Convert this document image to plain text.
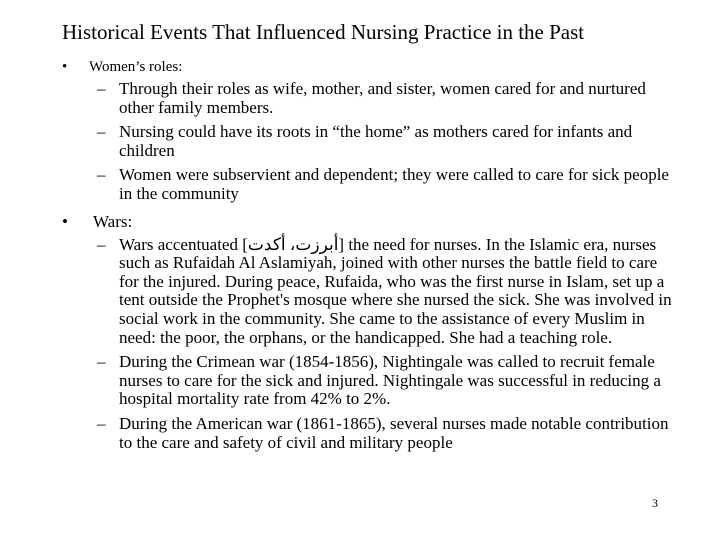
Historical Events That Influenced Nursing Practice in the Past
• Women’s roles:
– Through their roles as wife, mother, and sister, women cared for and nurtured other family members.
– Nursing could have its roots in “the home” as mothers cared for infants and children
– Women were subservient and dependent; they were called to care for sick people in the community
• Wars:
– Wars accentuated [أبرزت، أكدت] the need for nurses. In the Islamic era, nurses such as Rufaidah Al Aslamiyah, joined with other nurses the battle field to care for the injured. During peace, Rufaida, who was the first nurse in Islam, set up a tent outside the Prophet's mosque where she nursed the sick. She was involved in social work in the community. She came to the assistance of every Muslim in need: the poor, the orphans, or the handicapped. She had a teaching role.
– During the Crimean war (1854-1856), Nightingale was called to recruit female nurses to care for the sick and injured. Nightingale was successful in reducing a hospital mortality rate from 42% to 2%.
– During the American war (1861-1865), several nurses made notable contribution to the care and safety of civil and military people
3
